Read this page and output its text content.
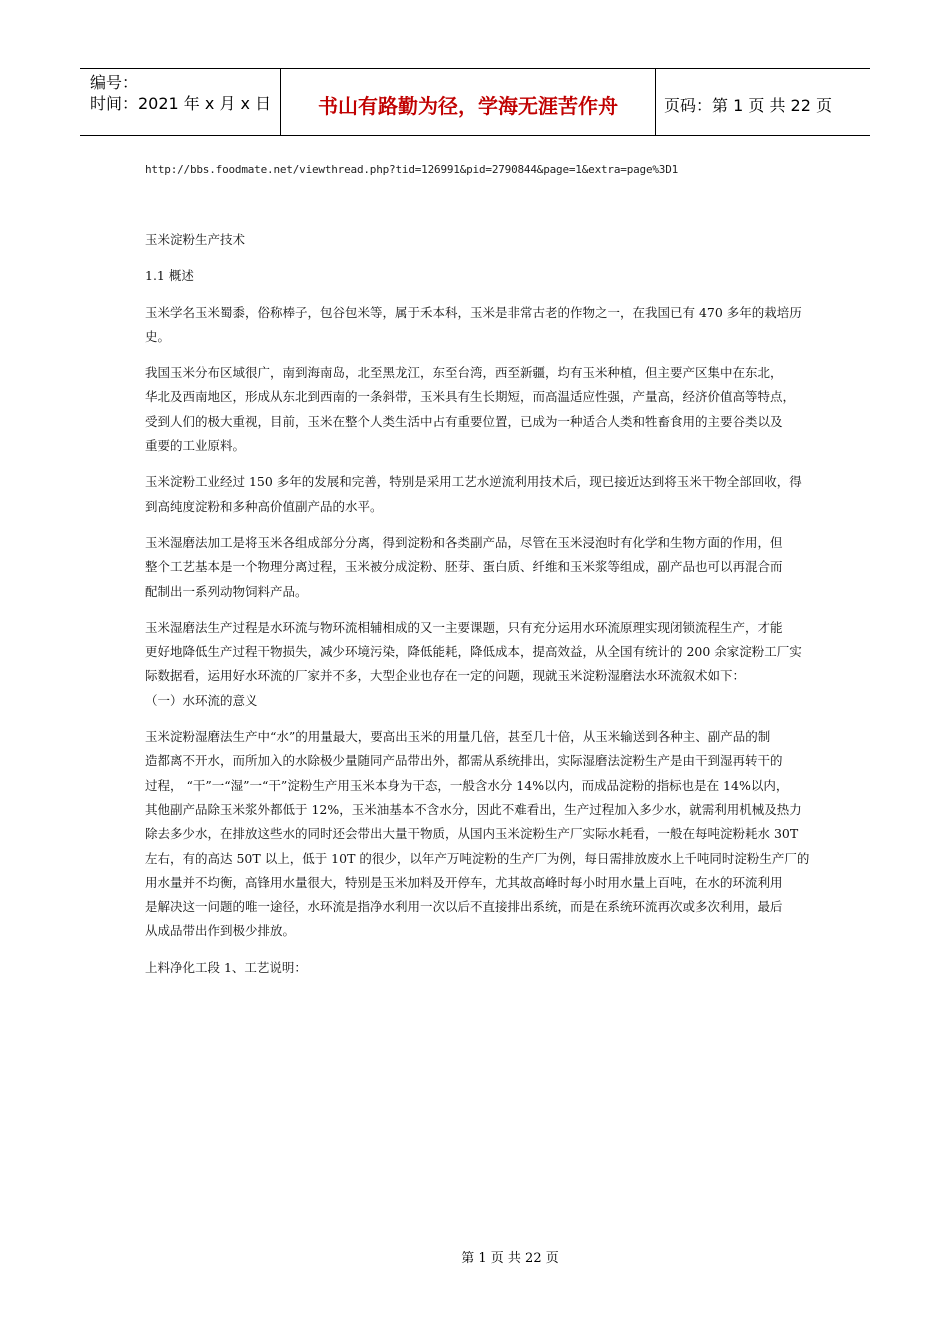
编号：
时间：2021 年 x 月 x 日	书山有路勤为径，学海无涯苦作舟	页码：第 1 页 共 22 页
http://bbs.foodmate.net/viewthread.php?tid=126991&pid=2790844&page=1&extra=page%3D1
玉米淀粉生产技术
1.1 概述
玉米学名玉米蜀黍，俗称棒子，包谷包米等，属于禾本科，玉米是非常古老的作物之一，在我国已有 470 多年的栽培历
史。
我国玉米分布区域很广，南到海南岛，北至黑龙江，东至台湾，西至新疆，均有玉米种植，但主要产区集中在东北，
华北及西南地区，形成从东北到西南的一条斜带，玉米具有生长期短，而高温适应性强，产量高，经济价值高等特点，
受到人们的极大重视，目前，玉米在整个人类生活中占有重要位置，已成为一种适合人类和牲畜食用的主要谷类以及
重要的工业原料。
玉米淀粉工业经过 150 多年的发展和完善，特别是采用工艺水逆流利用技术后，现已接近达到将玉米干物全部回收，得
到高纯度淀粉和多种高价值副产品的水平。
玉米湿磨法加工是将玉米各组成部分分离，得到淀粉和各类副产品，尽管在玉米浸泡时有化学和生物方面的作用，但
整个工艺基本是一个物理分离过程，玉米被分成淀粉、胚芽、蛋白质、纤维和玉米浆等组成，副产品也可以再混合而
配制出一系列动物饲料产品。
玉米湿磨法生产过程是水环流与物环流相辅相成的又一主要课题，只有充分运用水环流原理实现闭锁流程生产，才能
更好地降低生产过程干物损失，减少环境污染，降低能耗，降低成本，提高效益，从全国有统计的 200 余家淀粉工厂实
际数据看，运用好水环流的厂家并不多，大型企业也存在一定的问题，现就玉米淀粉湿磨法水环流叙术如下：
（一）水环流的意义
玉米淀粉湿磨法生产中“水”的用量最大，要高出玉米的用量几倍，甚至几十倍，从玉米输送到各种主、副产品的制
造都离不开水，而所加入的水除极少量随同产品带出外，都需从系统排出，实际湿磨法淀粉生产是由干到湿再转干的
过程， “干”一“湿”一“干”淀粉生产用玉米本身为干态，一般含水分 14%以内，而成品淀粉的指标也是在 14%以内，
其他副产品除玉米浆外都低于 12%，玉米油基本不含水分，因此不难看出，生产过程加入多少水，就需利用机械及热力
除去多少水，在排放这些水的同时还会带出大量干物质，从国内玉米淀粉生产厂实际水耗看，一般在每吨淀粉耗水 30T
左右，有的高达 50T 以上，低于 10T 的很少，以年产万吨淀粉的生产厂为例，每日需排放废水上千吨同时淀粉生产厂的
用水量并不均衡，高锋用水量很大，特别是玉米加料及开停车，尤其故高峰时每小时用水量上百吨，在水的环流利用
是解决这一问题的唯一途径，水环流是指净水利用一次以后不直接排出系统，而是在系统环流再次或多次利用，最后
从成品带出作到极少排放。
上料净化工段 1、工艺说明：
第 1 页 共 22 页
